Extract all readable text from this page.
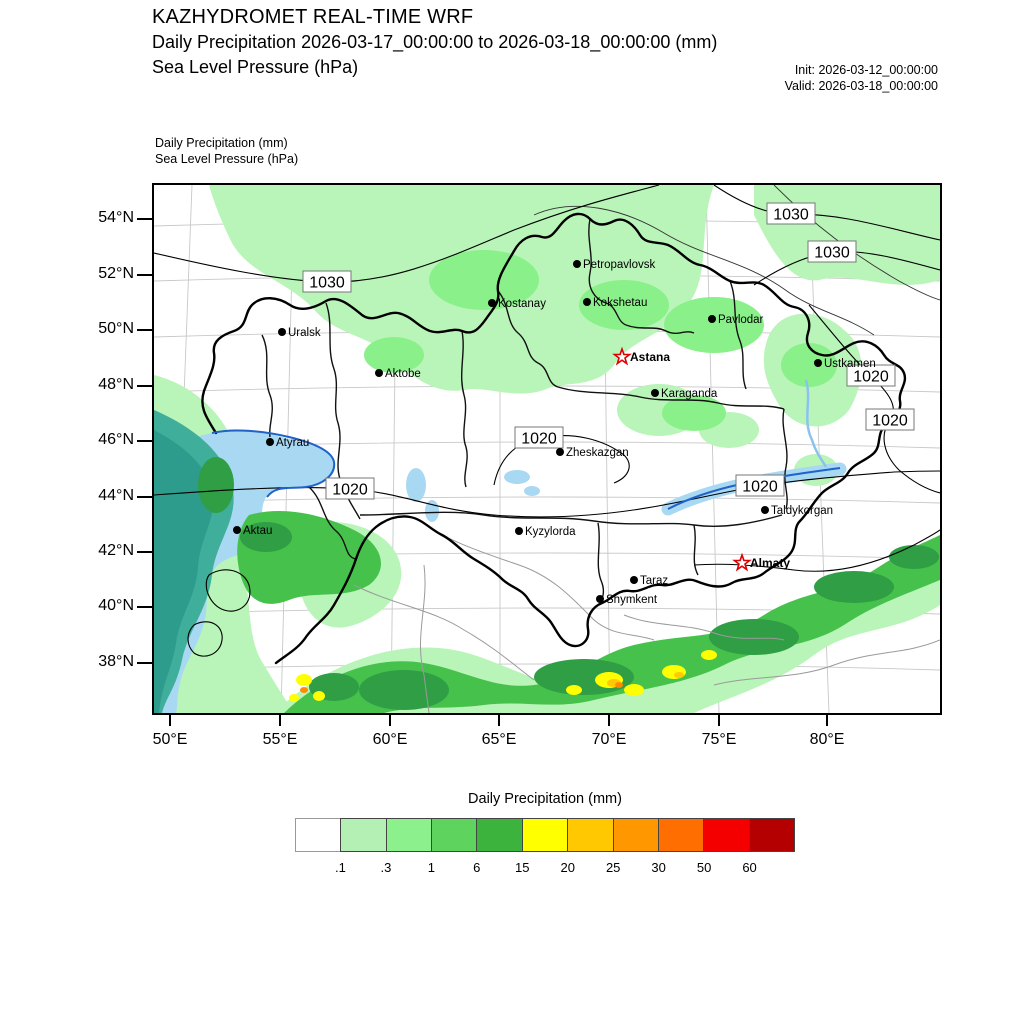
KAZHYDROMET REAL-TIME WRF
Daily Precipitation 2026-03-17_00:00:00 to 2026-03-18_00:00:00 (mm)
Sea Level Pressure (hPa)	Init: 2026-03-12_00:00:00
Valid: 2026-03-18_00:00:00
Daily Precipitation (mm)
Sea Level Pressure (hPa)
54°N
52°N
50°N
48°N
46°N
44°N
42°N
40°N
38°N
50°E	55°E	60°E	65°E	70°E	75°E	80°E
1030
1030
1030
1020
1020	1020
1020
1020
Uralsk
Aktobe
Atyrau
Aktau
Kostanay
Petropavlovsk
Kokshetau
Pavlodar
Astana
Karaganda
Ustkamen
Zheskazgan
Kyzylorda
Taraz
Shymkent
Taldykorgan
Almaty
Daily Precipitation (mm)
.1	.3	1	6	15 20 25 30 50 60
